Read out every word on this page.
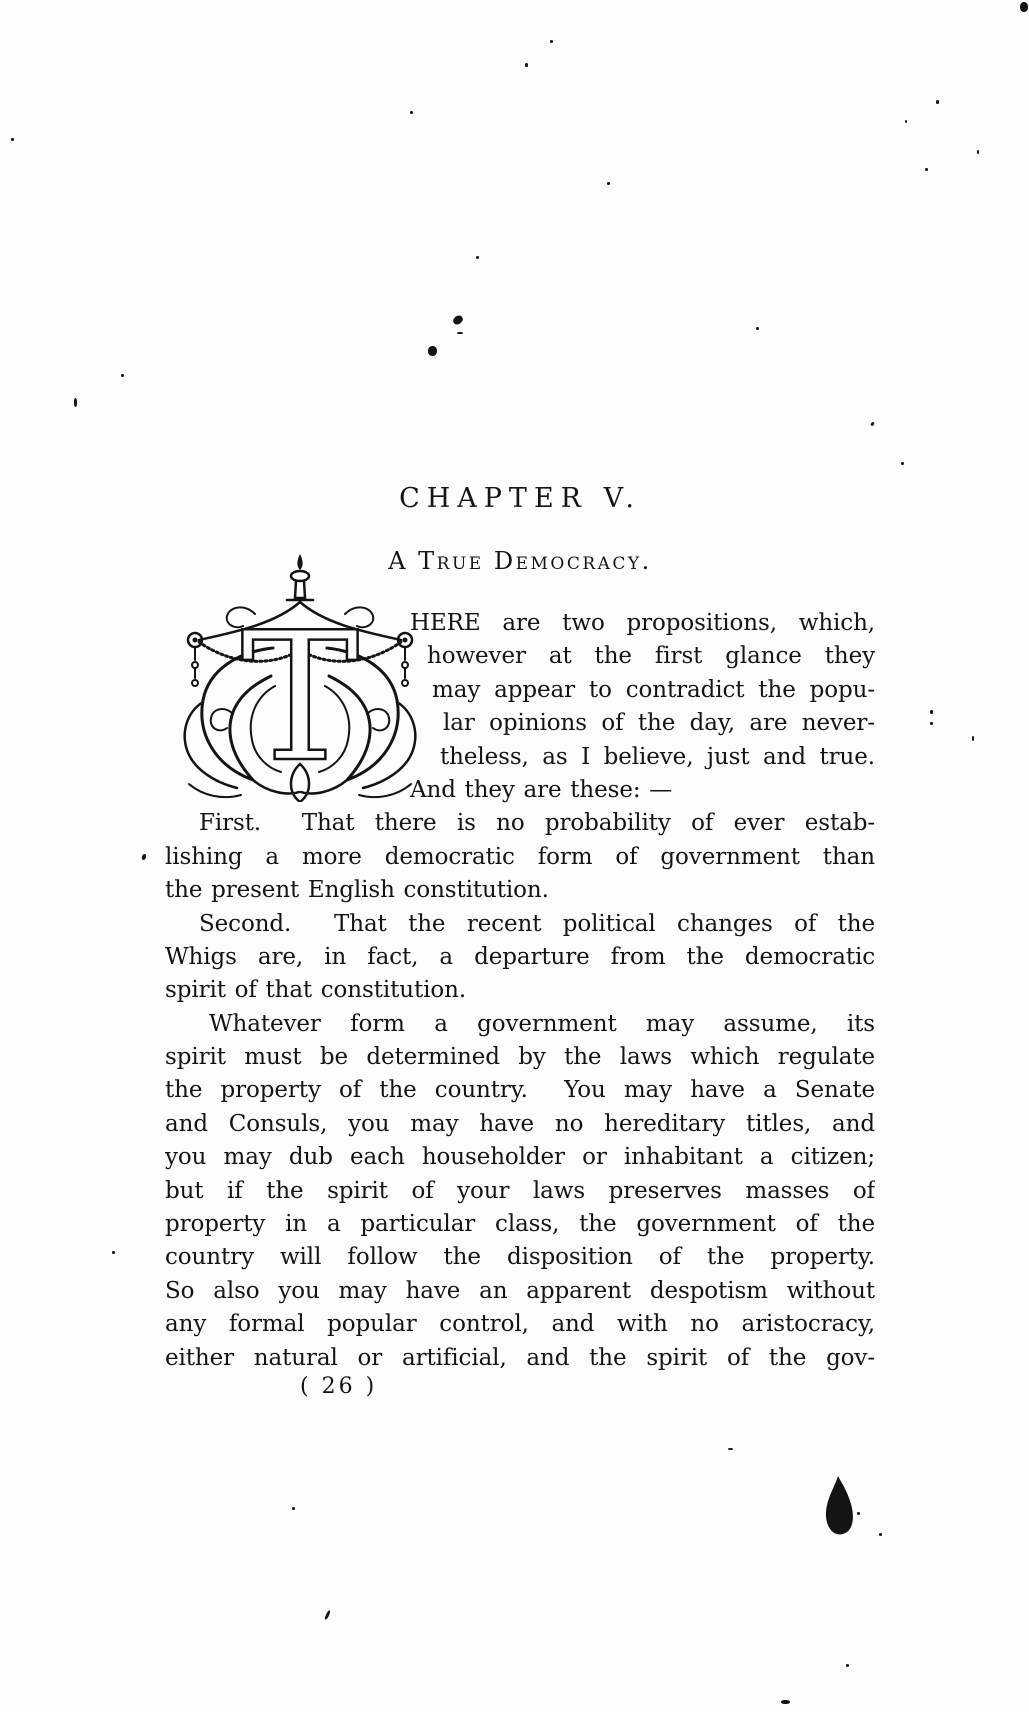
CHAPTER V.
A True Democracy.
T HERE are two propositions, which,
however at the first glance they
may appear to contradict the popu-
lar opinions of the day, are never-
theless, as I believe, just and true.
And they are these: —
First.  That there is no probability of ever estab-
lishing a more democratic form of government than
the present English constitution.
Second.  That the recent political changes of the
Whigs are, in fact, a departure from the democratic
spirit of that constitution.
Whatever form a government may assume, its
spirit must be determined by the laws which regulate
the property of the country.  You may have a Senate
and Consuls, you may have no hereditary titles, and
you may dub each householder or inhabitant a citizen;
but if the spirit of your laws preserves masses of
property in a particular class, the government of the
country will follow the disposition of the property.
So also you may have an apparent despotism without
any formal popular control, and with no aristocracy,
either natural or artificial, and the spirit of the gov-
( 26 )
